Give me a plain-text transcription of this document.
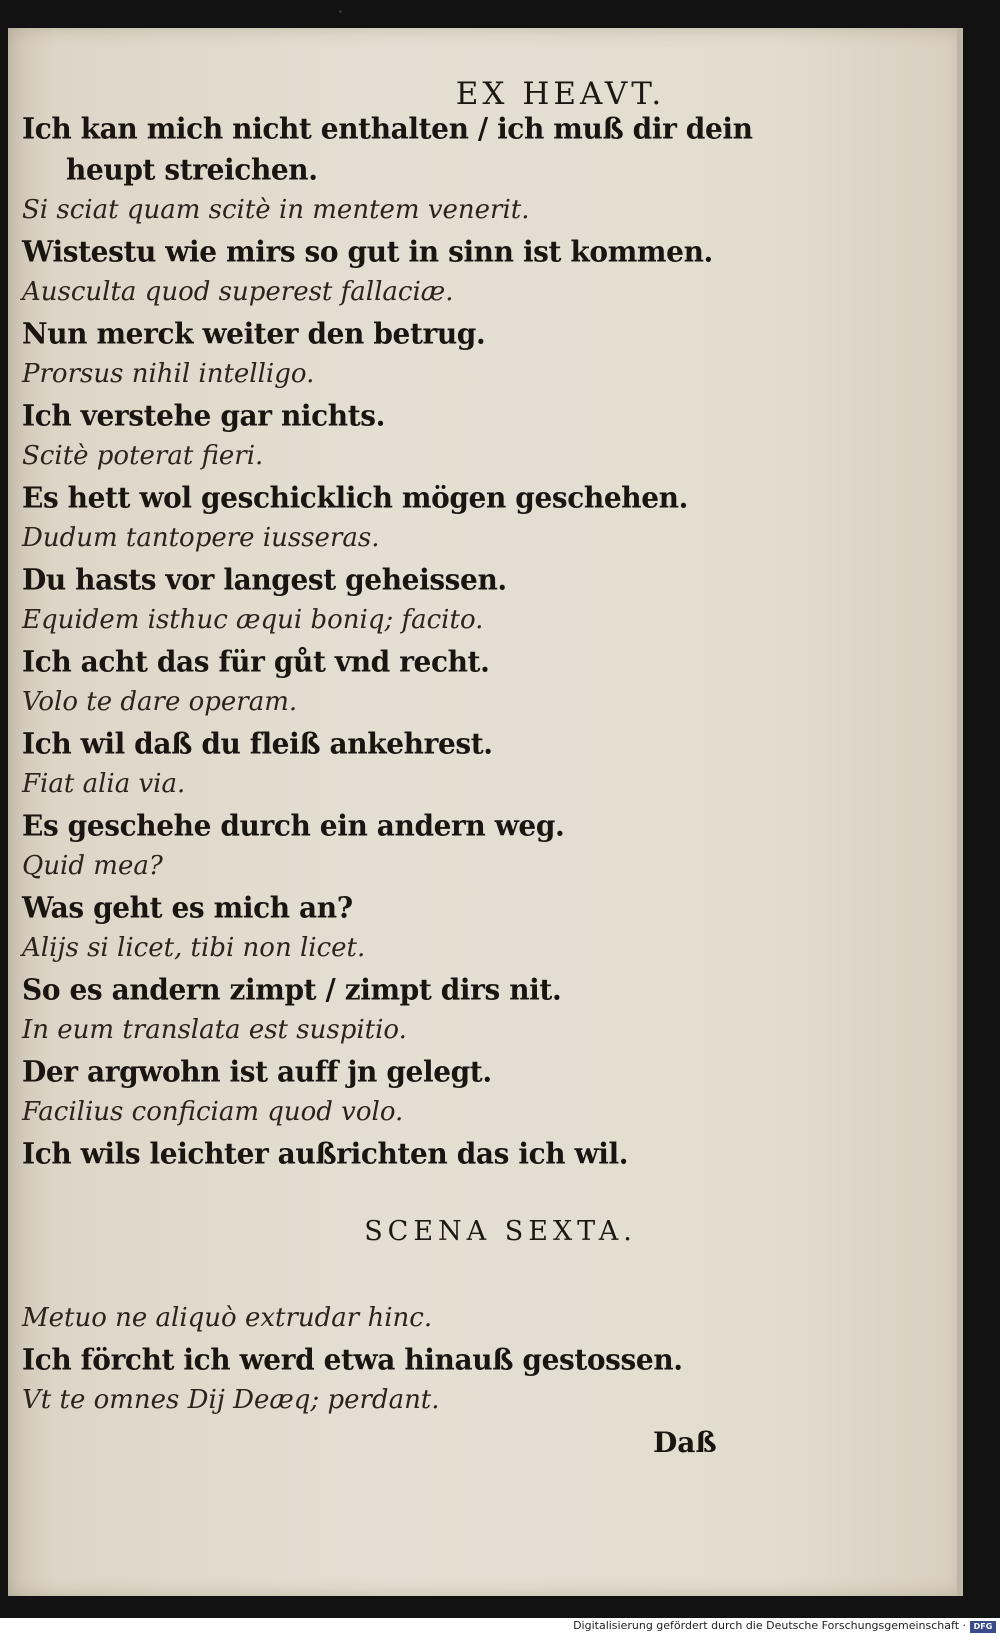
EX HEAVT.
Ich kan mich nicht enthalten / ich muß dir dein
heupt streichen.
Si sciat quam scitè in mentem venerit.
Wistestu wie mirs so gut in sinn ist kommen.
Ausculta quod superest fallaciæ.
Nun merck weiter den betrug.
Prorsus nihil intelligo.
Ich verstehe gar nichts.
Scitè poterat fieri.
Es hett wol geschicklich mögen geschehen.
Dudum tantopere iusseras.
Du hasts vor langest geheissen.
Equidem isthuc æqui boniq; facito.
Ich acht das für gůt vnd recht.
Volo te dare operam.
Ich wil daß du fleiß ankehrest.
Fiat alia via.
Es geschehe durch ein andern weg.
Quid mea?
Was geht es mich an?
Alijs si licet, tibi non licet.
So es andern zimpt / zimpt dirs nit.
In eum translata est suspitio.
Der argwohn ist auff jn gelegt.
Facilius conficiam quod volo.
Ich wils leichter außrichten das ich wil.
SCENA SEXTA.
Metuo ne aliquò extrudar hinc.
Ich förcht ich werd etwa hinauß gestossen.
Vt te omnes Dij Deæq; perdant.
Daß
Digitalisierung gefördert durch die Deutsche Forschungsgemeinschaft · DFG
